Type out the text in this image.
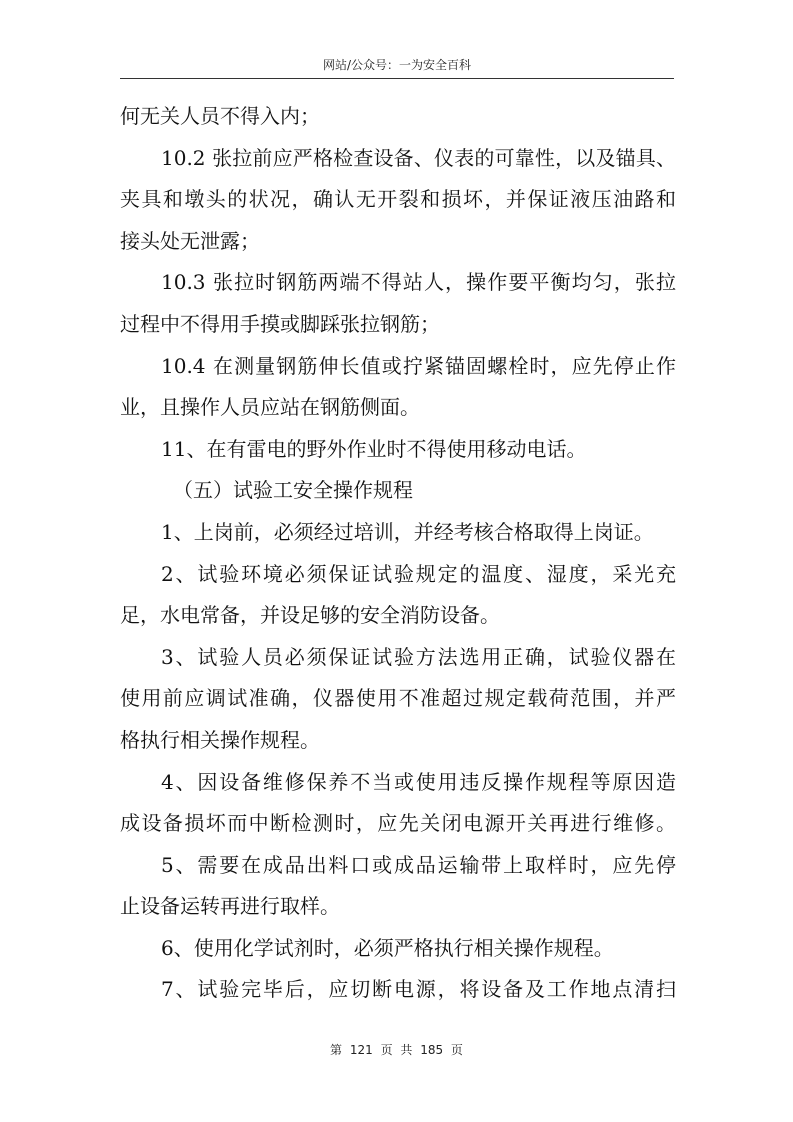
网站/公众号：一为安全百科
何无关人员不得入内；
10.2 张拉前应严格检查设备、仪表的可靠性，以及锚具、
夹具和墩头的状况，确认无开裂和损坏，并保证液压油路和
接头处无泄露；
10.3 张拉时钢筋两端不得站人，操作要平衡均匀，张拉
过程中不得用手摸或脚踩张拉钢筋；
10.4 在测量钢筋伸长值或拧紧锚固螺栓时，应先停止作
业，且操作人员应站在钢筋侧面。
11、在有雷电的野外作业时不得使用移动电话。
（五）试验工安全操作规程
1、上岗前，必须经过培训，并经考核合格取得上岗证。
2、试验环境必须保证试验规定的温度、湿度，采光充
足，水电常备，并设足够的安全消防设备。
3、试验人员必须保证试验方法选用正确，试验仪器在
使用前应调试准确，仪器使用不准超过规定载荷范围，并严
格执行相关操作规程。
4、因设备维修保养不当或使用违反操作规程等原因造
成设备损坏而中断检测时，应先关闭电源开关再进行维修。
5、需要在成品出料口或成品运输带上取样时，应先停
止设备运转再进行取样。
6、使用化学试剂时，必须严格执行相关操作规程。
7、试验完毕后，应切断电源，将设备及工作地点清扫
第 121 页 共 185 页
